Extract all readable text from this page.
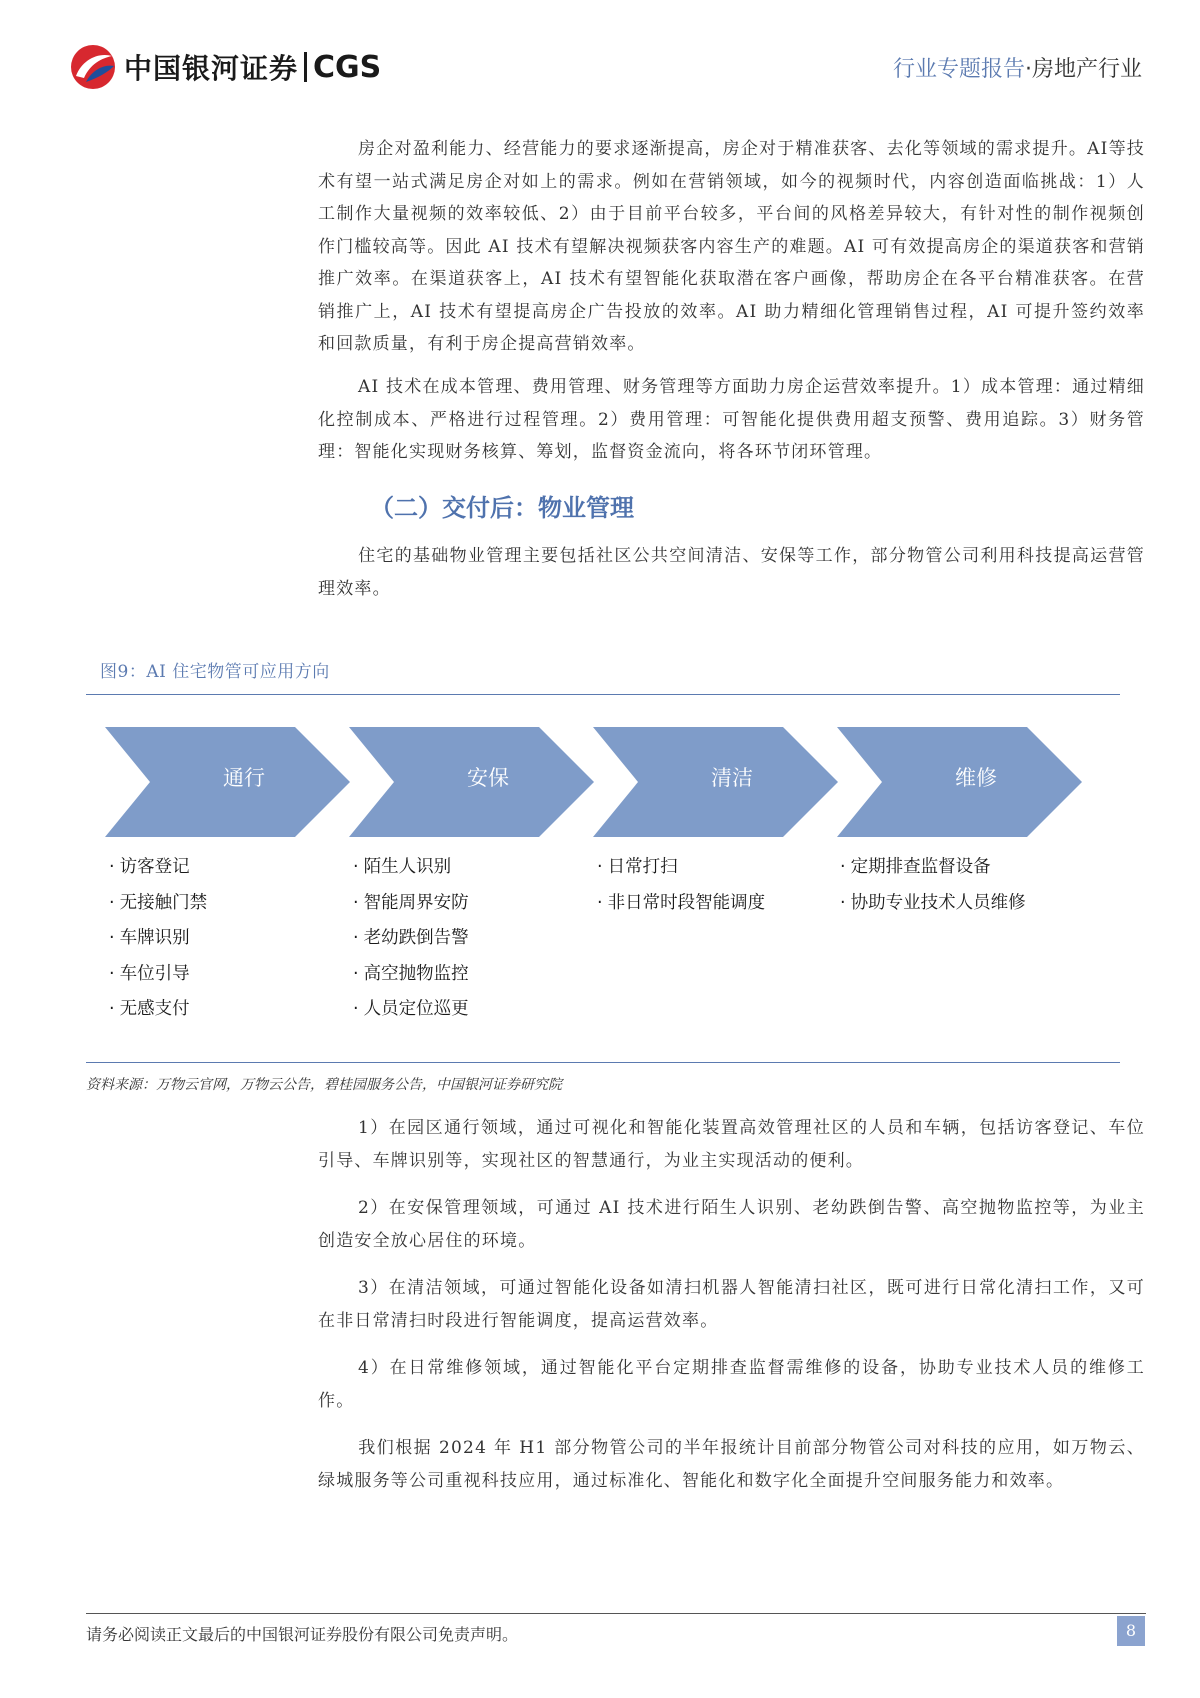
中国银河证券 CGS	行业专题报告·房地产行业

房企对盈利能力、经营能力的要求逐渐提高，房企对于精准获客、去化等领域的需求提升。AI等技术有望一站式满足房企对如上的需求。例如在营销领域，如今的视频时代，内容创造面临挑战：1）人工制作大量视频的效率较低、2）由于目前平台较多，平台间的风格差异较大，有针对性的制作视频创作门槛较高等。因此 AI 技术有望解决视频获客内容生产的难题。AI 可有效提高房企的渠道获客和营销推广效率。在渠道获客上，AI 技术有望智能化获取潜在客户画像，帮助房企在各平台精准获客。在营销推广上，AI 技术有望提高房企广告投放的效率。AI 助力精细化管理销售过程，AI 可提升签约效率和回款质量，有利于房企提高营销效率。

AI 技术在成本管理、费用管理、财务管理等方面助力房企运营效率提升。1）成本管理：通过精细化控制成本、严格进行过程管理。2）费用管理：可智能化提供费用超支预警、费用追踪。3）财务管理：智能化实现财务核算、筹划，监督资金流向，将各环节闭环管理。

（二）交付后：物业管理

住宅的基础物业管理主要包括社区公共空间清洁、安保等工作，部分物管公司利用科技提高运营管理效率。

图9：AI 住宅物管可应用方向
通行	安保	清洁	维修
· 访客登记
· 无接触门禁
· 车牌识别
· 车位引导
· 无感支付
· 陌生人识别
· 智能周界安防
· 老幼跌倒告警
· 高空抛物监控
· 人员定位巡更
· 日常打扫
· 非日常时段智能调度
· 定期排查监督设备
· 协助专业技术人员维修
资料来源：万物云官网，万物云公告，碧桂园服务公告，中国银河证券研究院

1）在园区通行领域，通过可视化和智能化装置高效管理社区的人员和车辆，包括访客登记、车位引导、车牌识别等，实现社区的智慧通行，为业主实现活动的便利。

2）在安保管理领域，可通过 AI 技术进行陌生人识别、老幼跌倒告警、高空抛物监控等，为业主创造安全放心居住的环境。

3）在清洁领域，可通过智能化设备如清扫机器人智能清扫社区，既可进行日常化清扫工作，又可在非日常清扫时段进行智能调度，提高运营效率。

4）在日常维修领域，通过智能化平台定期排查监督需维修的设备，协助专业技术人员的维修工作。

我们根据 2024 年 H1 部分物管公司的半年报统计目前部分物管公司对科技的应用，如万物云、绿城服务等公司重视科技应用，通过标准化、智能化和数字化全面提升空间服务能力和效率。

请务必阅读正文最后的中国银河证券股份有限公司免责声明。	8
